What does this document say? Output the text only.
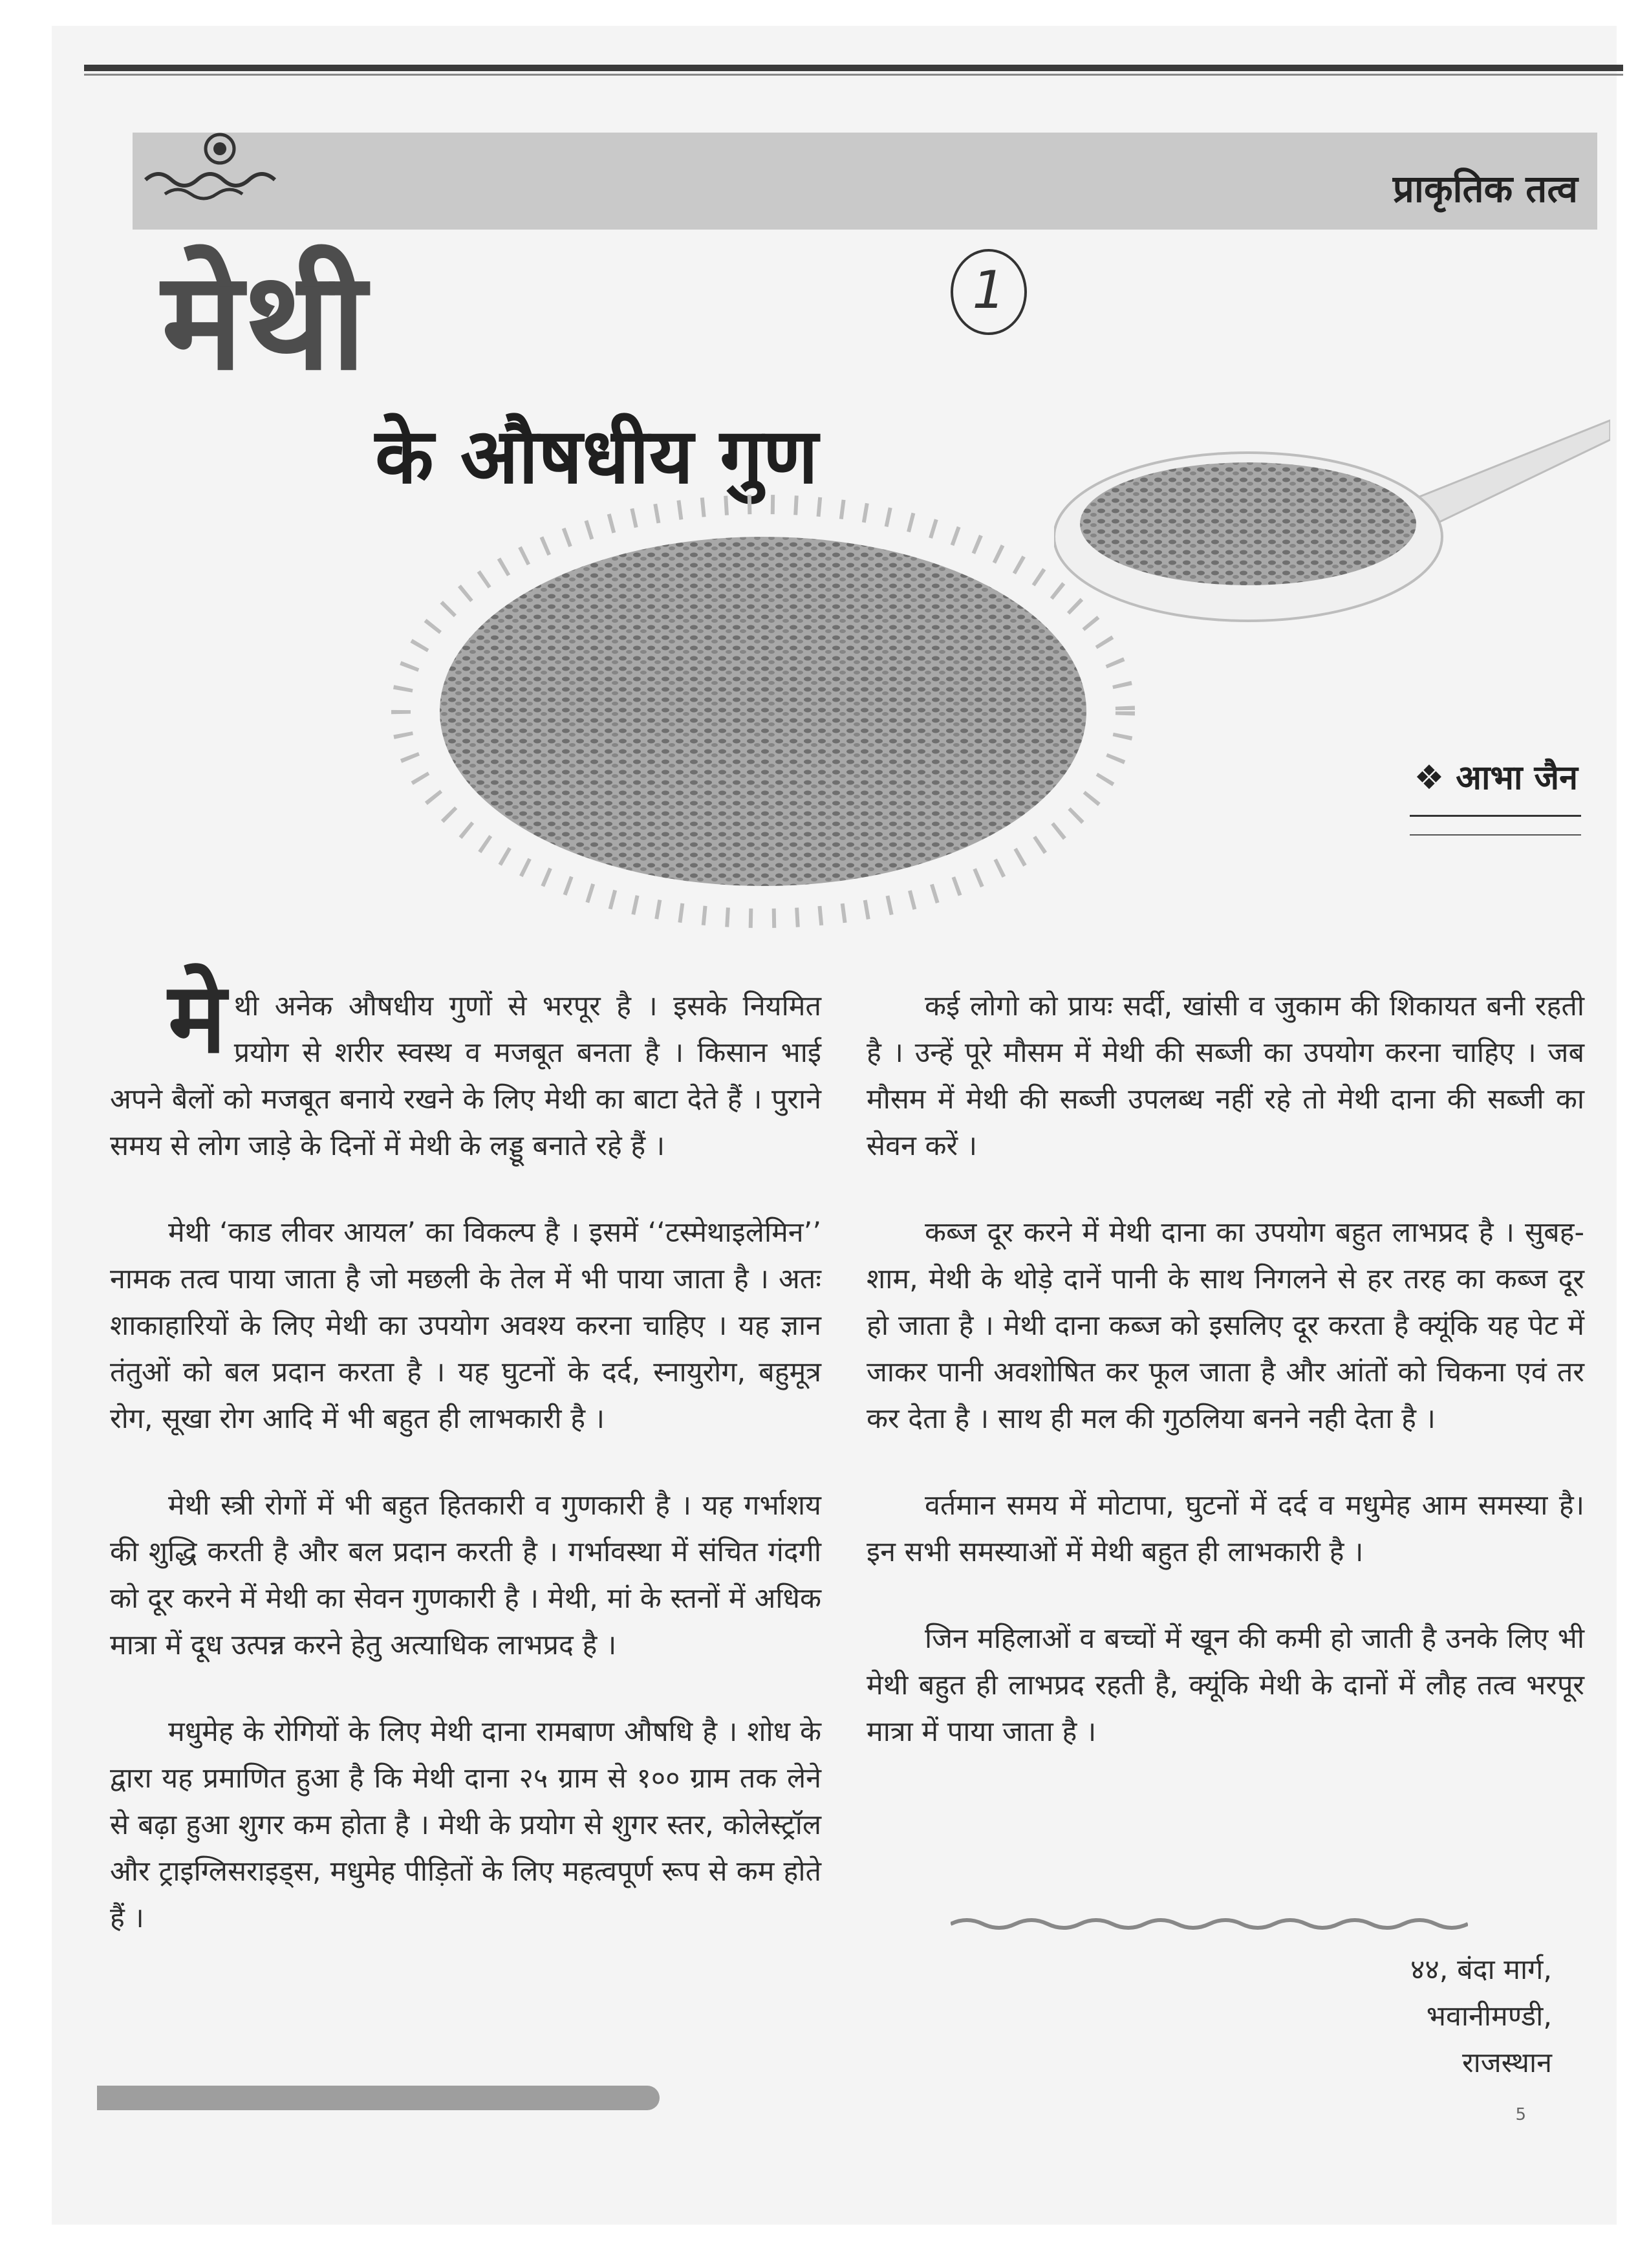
प्राकृतिक तत्व
मेथी
के औषधीय गुण
1
❖ आभा जैन

मेथी अनेक औषधीय गुणों से भरपूर है । इसके नियमित प्रयोग से शरीर स्वस्थ व मजबूत बनता है । किसान भाई अपने बैलों को मजबूत बनाये रखने के लिए मेथी का बाटा देते हैं । पुराने समय से लोग जाड़े के दिनों में मेथी के लड्डू बनाते रहे हैं ।

मेथी ‘काड लीवर आयल’ का विकल्प है । इसमें ‘‘टस्मेथाइलेमिन’’ नामक तत्व पाया जाता है जो मछली के तेल में भी पाया जाता है । अतः शाकाहारियों के लिए मेथी का उपयोग अवश्य करना चाहिए । यह ज्ञान तंतुओं को बल प्रदान करता है । यह घुटनों के दर्द, स्नायुरोग, बहुमूत्र रोग, सूखा रोग आदि में भी बहुत ही लाभकारी है ।

मेथी स्त्री रोगों में भी बहुत हितकारी व गुणकारी है । यह गर्भाशय की शुद्धि करती है और बल प्रदान करती है । गर्भावस्था में संचित गंदगी को दूर करने में मेथी का सेवन गुणकारी है । मेथी, मां के स्तनों में अधिक मात्रा में दूध उत्पन्न करने हेतु अत्याधिक लाभप्रद है ।

मधुमेह के रोगियों के लिए मेथी दाना रामबाण औषधि है । शोध के द्वारा यह प्रमाणित हुआ है कि मेथी दाना २५ ग्राम से १०० ग्राम तक लेने से बढ़ा हुआ शुगर कम होता है । मेथी के प्रयोग से शुगर स्तर, कोलेस्ट्रॉल और ट्राइग्लिसराइड्स, मधुमेह पीड़ितों के लिए महत्वपूर्ण रूप से कम होते हैं ।

कई लोगो को प्रायः सर्दी, खांसी व जुकाम की शिकायत बनी रहती है । उन्हें पूरे मौसम में मेथी की सब्जी का उपयोग करना चाहिए । जब मौसम में मेथी की सब्जी उपलब्ध नहीं रहे तो मेथी दाना की सब्जी का सेवन करें ।

कब्ज दूर करने में मेथी दाना का उपयोग बहुत लाभप्रद है । सुबह-शाम, मेथी के थोड़े दानें पानी के साथ निगलने से हर तरह का कब्ज दूर हो जाता है । मेथी दाना कब्ज को इसलिए दूर करता है क्यूंकि यह पेट में जाकर पानी अवशोषित कर फूल जाता है और आंतों को चिकना एवं तर कर देता है । साथ ही मल की गुठलिया बनने नही देता है ।

वर्तमान समय में मोटापा, घुटनों में दर्द व मधुमेह आम समस्या है। इन सभी समस्याओं में मेथी बहुत ही लाभकारी है ।

जिन महिलाओं व बच्चों में खून की कमी हो जाती है उनके लिए भी मेथी बहुत ही लाभप्रद रहती है, क्यूंकि मेथी के दानों में लौह तत्व भरपूर मात्रा में पाया जाता है ।

४४, बंदा मार्ग,
भवानीमण्डी,
राजस्थान
5
